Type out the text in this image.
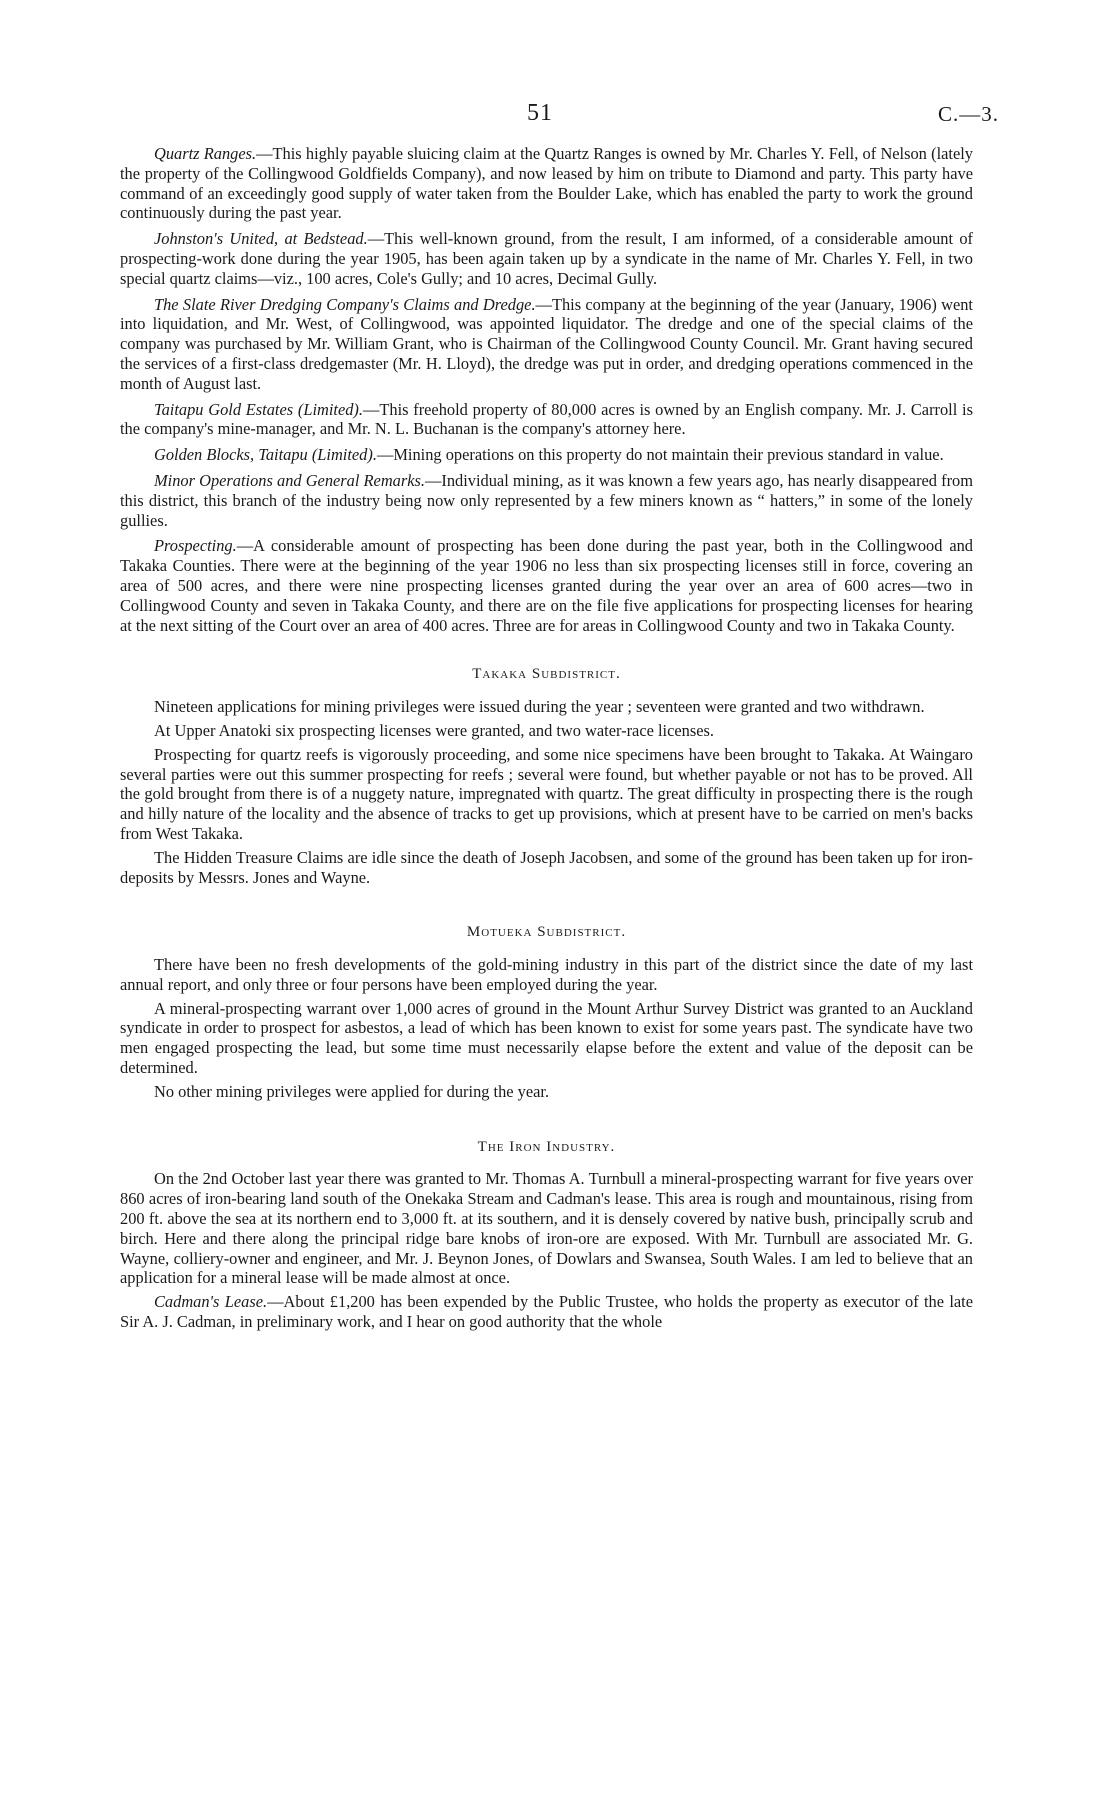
51	C.—3.

Quartz Ranges.—This highly payable sluicing claim at the Quartz Ranges is owned by Mr. Charles Y. Fell, of Nelson (lately the property of the Collingwood Goldfields Company), and now leased by him on tribute to Diamond and party. This party have command of an exceedingly good supply of water taken from the Boulder Lake, which has enabled the party to work the ground continuously during the past year.

Johnston's United, at Bedstead.—This well-known ground, from the result, I am informed, of a considerable amount of prospecting-work done during the year 1905, has been again taken up by a syndicate in the name of Mr. Charles Y. Fell, in two special quartz claims—viz., 100 acres, Cole's Gully; and 10 acres, Decimal Gully.

The Slate River Dredging Company's Claims and Dredge.—This company at the beginning of the year (January, 1906) went into liquidation, and Mr. West, of Collingwood, was appointed liquidator. The dredge and one of the special claims of the company was purchased by Mr. William Grant, who is Chairman of the Collingwood County Council. Mr. Grant having secured the services of a first-class dredgemaster (Mr. H. Lloyd), the dredge was put in order, and dredging operations commenced in the month of August last.

Taitapu Gold Estates (Limited).—This freehold property of 80,000 acres is owned by an English company. Mr. J. Carroll is the company's mine-manager, and Mr. N. L. Buchanan is the company's attorney here.

Golden Blocks, Taitapu (Limited).—Mining operations on this property do not maintain their previous standard in value.

Minor Operations and General Remarks.—Individual mining, as it was known a few years ago, has nearly disappeared from this district, this branch of the industry being now only represented by a few miners known as “ hatters,” in some of the lonely gullies.

Prospecting.—A considerable amount of prospecting has been done during the past year, both in the Collingwood and Takaka Counties. There were at the beginning of the year 1906 no less than six prospecting licenses still in force, covering an area of 500 acres, and there were nine prospecting licenses granted during the year over an area of 600 acres—two in Collingwood County and seven in Takaka County, and there are on the file five applications for prospecting licenses for hearing at the next sitting of the Court over an area of 400 acres. Three are for areas in Collingwood County and two in Takaka County.

Takaka Subdistrict.

Nineteen applications for mining privileges were issued during the year ; seventeen were granted and two withdrawn.

At Upper Anatoki six prospecting licenses were granted, and two water-race licenses.

Prospecting for quartz reefs is vigorously proceeding, and some nice specimens have been brought to Takaka. At Waingaro several parties were out this summer prospecting for reefs ; several were found, but whether payable or not has to be proved. All the gold brought from there is of a nuggety nature, impregnated with quartz. The great difficulty in prospecting there is the rough and hilly nature of the locality and the absence of tracks to get up provisions, which at present have to be carried on men's backs from West Takaka.

The Hidden Treasure Claims are idle since the death of Joseph Jacobsen, and some of the ground has been taken up for iron-deposits by Messrs. Jones and Wayne.

Motueka Subdistrict.

There have been no fresh developments of the gold-mining industry in this part of the district since the date of my last annual report, and only three or four persons have been employed during the year.

A mineral-prospecting warrant over 1,000 acres of ground in the Mount Arthur Survey District was granted to an Auckland syndicate in order to prospect for asbestos, a lead of which has been known to exist for some years past. The syndicate have two men engaged prospecting the lead, but some time must necessarily elapse before the extent and value of the deposit can be determined.

No other mining privileges were applied for during the year.

The Iron Industry.

On the 2nd October last year there was granted to Mr. Thomas A. Turnbull a mineral-prospecting warrant for five years over 860 acres of iron-bearing land south of the Onekaka Stream and Cadman's lease. This area is rough and mountainous, rising from 200 ft. above the sea at its northern end to 3,000 ft. at its southern, and it is densely covered by native bush, principally scrub and birch. Here and there along the principal ridge bare knobs of iron-ore are exposed. With Mr. Turnbull are associated Mr. G. Wayne, colliery-owner and engineer, and Mr. J. Beynon Jones, of Dowlars and Swansea, South Wales. I am led to believe that an application for a mineral lease will be made almost at once.

Cadman's Lease.—About £1,200 has been expended by the Public Trustee, who holds the property as executor of the late Sir A. J. Cadman, in preliminary work, and I hear on good authority that the whole
